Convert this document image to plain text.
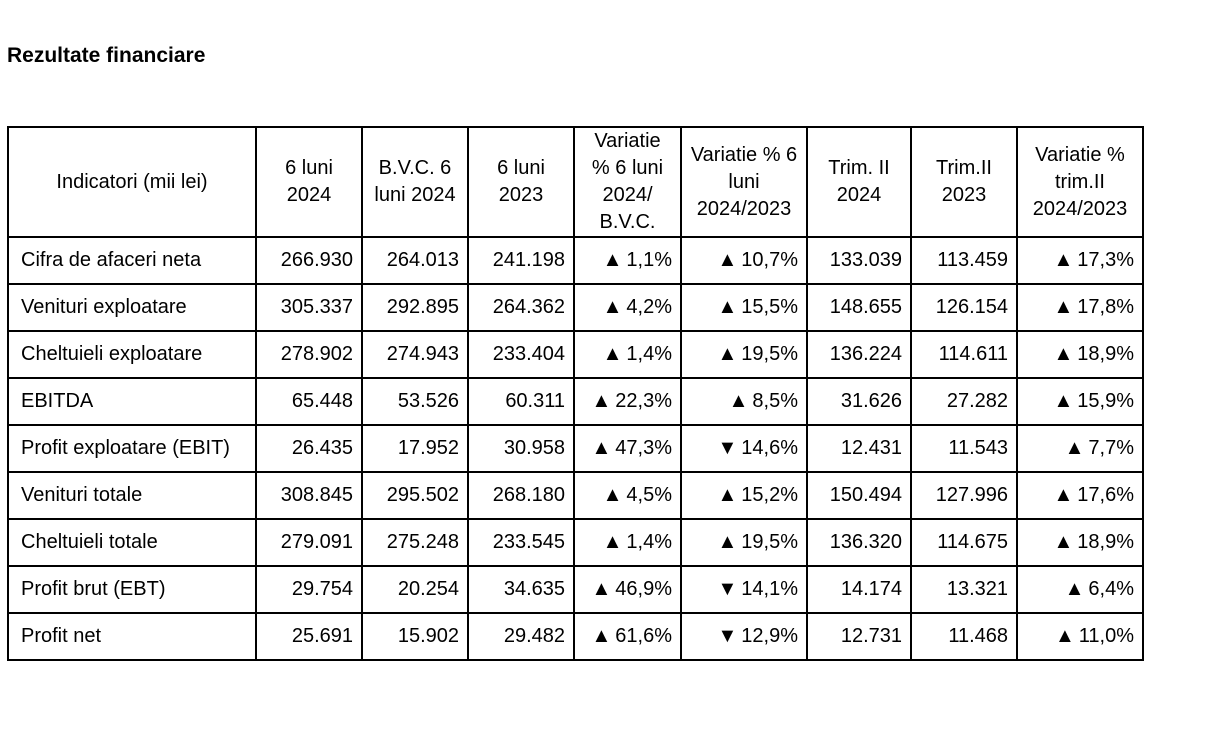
Rezultate financiare
Indicatori (mii lei)	6 luni 2024	B.V.C. 6 luni 2024	6 luni 2023	Variatie % 6 luni 2024/ B.V.C.	Variatie % 6 luni 2024/2023	Trim. II 2024	Trim.II 2023	Variatie % trim.II 2024/2023
Cifra de afaceri neta	266.930	264.013	241.198	▲ 1,1%	▲ 10,7%	133.039	113.459	▲ 17,3%
Venituri exploatare	305.337	292.895	264.362	▲ 4,2%	▲ 15,5%	148.655	126.154	▲ 17,8%
Cheltuieli exploatare	278.902	274.943	233.404	▲ 1,4%	▲ 19,5%	136.224	114.611	▲ 18,9%
EBITDA	65.448	53.526	60.311	▲ 22,3%	▲ 8,5%	31.626	27.282	▲ 15,9%
Profit exploatare (EBIT)	26.435	17.952	30.958	▲ 47,3%	▼ 14,6%	12.431	11.543	▲ 7,7%
Venituri totale	308.845	295.502	268.180	▲ 4,5%	▲ 15,2%	150.494	127.996	▲ 17,6%
Cheltuieli totale	279.091	275.248	233.545	▲ 1,4%	▲ 19,5%	136.320	114.675	▲ 18,9%
Profit brut (EBT)	29.754	20.254	34.635	▲ 46,9%	▼ 14,1%	14.174	13.321	▲ 6,4%
Profit net	25.691	15.902	29.482	▲ 61,6%	▼ 12,9%	12.731	11.468	▲ 11,0%
